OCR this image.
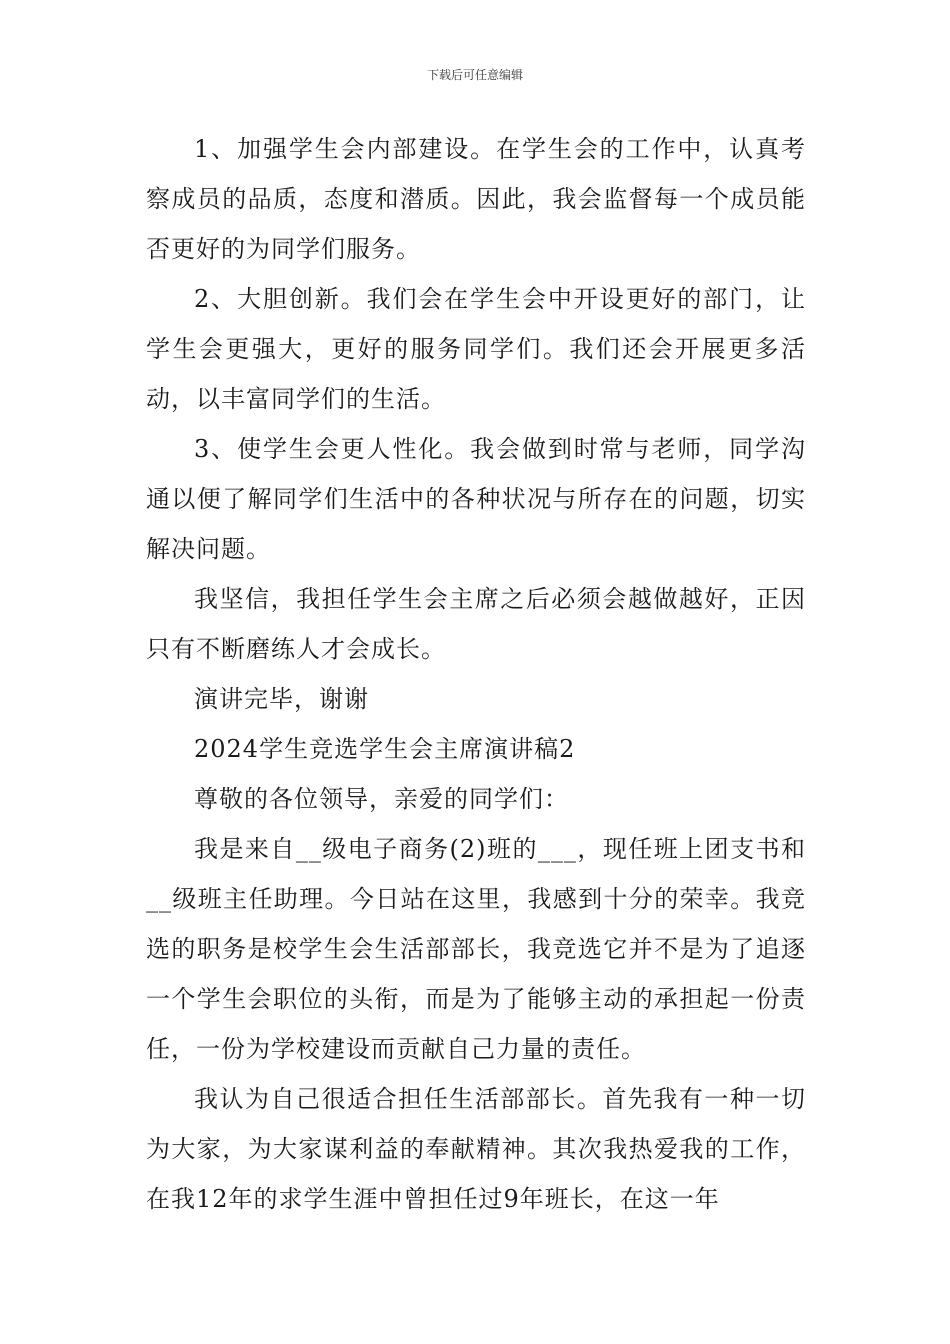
下载后可任意编辑

1、加强学生会内部建设。在学生会的工作中，认真考察成员的品质，态度和潜质。因此，我会监督每一个成员能否更好的为同学们服务。

2、大胆创新。我们会在学生会中开设更好的部门，让学生会更强大，更好的服务同学们。我们还会开展更多活动，以丰富同学们的生活。

3、使学生会更人性化。我会做到时常与老师，同学沟通以便了解同学们生活中的各种状况与所存在的问题，切实解决问题。

我坚信，我担任学生会主席之后必须会越做越好，正因只有不断磨练人才会成长。

演讲完毕，谢谢

2024学生竞选学生会主席演讲稿2

尊敬的各位领导，亲爱的同学们：

我是来自__级电子商务(2)班的___，现任班上团支书和__级班主任助理。今日站在这里，我感到十分的荣幸。我竞选的职务是校学生会生活部部长，我竞选它并不是为了追逐一个学生会职位的头衔，而是为了能够主动的承担起一份责任，一份为学校建设而贡献自己力量的责任。

我认为自己很适合担任生活部部长。首先我有一种一切为大家，为大家谋利益的奉献精神。其次我热爱我的工作，在我12年的求学生涯中曾担任过9年班长，在这一年
